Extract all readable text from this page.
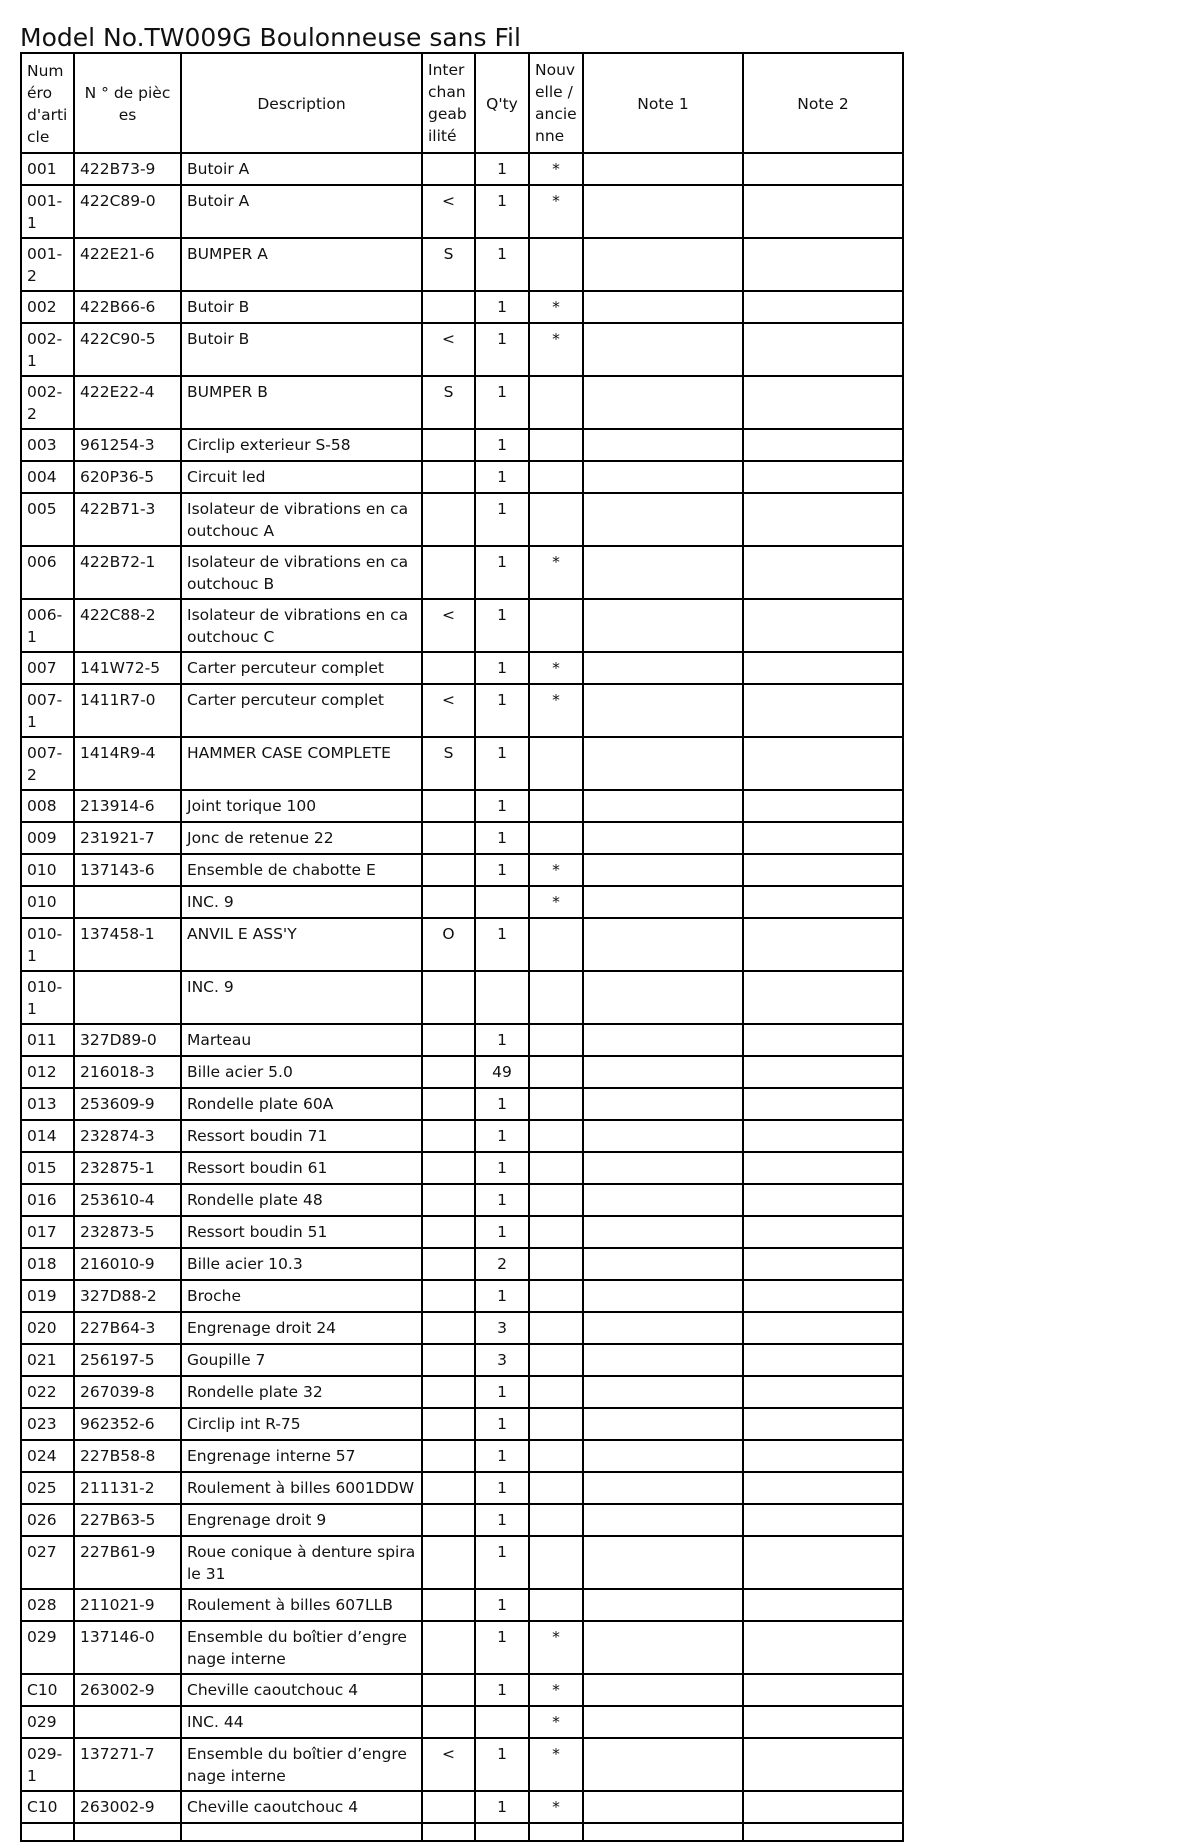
Model No.TW009G Boulonneuse sans Fil
Numéro d'article	N ° de pièces	Description	Interchangeabilité	Q'ty	Nouvelle / ancienne	Note 1	Note 2
001	422B73-9	Butoir A		1	*		
001-1	422C89-0	Butoir A	<	1	*		
001-2	422E21-6	BUMPER A	S	1			
002	422B66-6	Butoir B		1	*		
002-1	422C90-5	Butoir B	<	1	*		
002-2	422E22-4	BUMPER B	S	1			
003	961254-3	Circlip exterieur S-58		1			
004	620P36-5	Circuit led		1			
005	422B71-3	Isolateur de vibrations en caoutchouc A		1			
006	422B72-1	Isolateur de vibrations en caoutchouc B		1	*		
006-1	422C88-2	Isolateur de vibrations en caoutchouc C	<	1			
007	141W72-5	Carter percuteur complet		1	*		
007-1	1411R7-0	Carter percuteur complet	<	1	*		
007-2	1414R9-4	HAMMER CASE COMPLETE	S	1			
008	213914-6	Joint torique 100		1			
009	231921-7	Jonc de retenue 22		1			
010	137143-6	Ensemble de chabotte E		1	*		
010		INC. 9			*		
010-1	137458-1	ANVIL E ASS'Y	O	1			
010-1		INC. 9					
011	327D89-0	Marteau		1			
012	216018-3	Bille acier 5.0		49			
013	253609-9	Rondelle plate 60A		1			
014	232874-3	Ressort boudin 71		1			
015	232875-1	Ressort boudin 61		1			
016	253610-4	Rondelle plate 48		1			
017	232873-5	Ressort boudin 51		1			
018	216010-9	Bille acier 10.3		2			
019	327D88-2	Broche		1			
020	227B64-3	Engrenage droit 24		3			
021	256197-5	Goupille 7		3			
022	267039-8	Rondelle plate 32		1			
023	962352-6	Circlip int R-75		1			
024	227B58-8	Engrenage interne 57		1			
025	211131-2	Roulement à billes 6001DDW		1			
026	227B63-5	Engrenage droit 9		1			
027	227B61-9	Roue conique à denture spirale 31		1			
028	211021-9	Roulement à billes 607LLB		1			
029	137146-0	Ensemble du boîtier d’engrenage interne		1	*		
C10	263002-9	Cheville caoutchouc 4		1	*		
029		INC. 44			*		
029-1	137271-7	Ensemble du boîtier d’engrenage interne	<	1	*		
C10	263002-9	Cheville caoutchouc 4		1	*		
